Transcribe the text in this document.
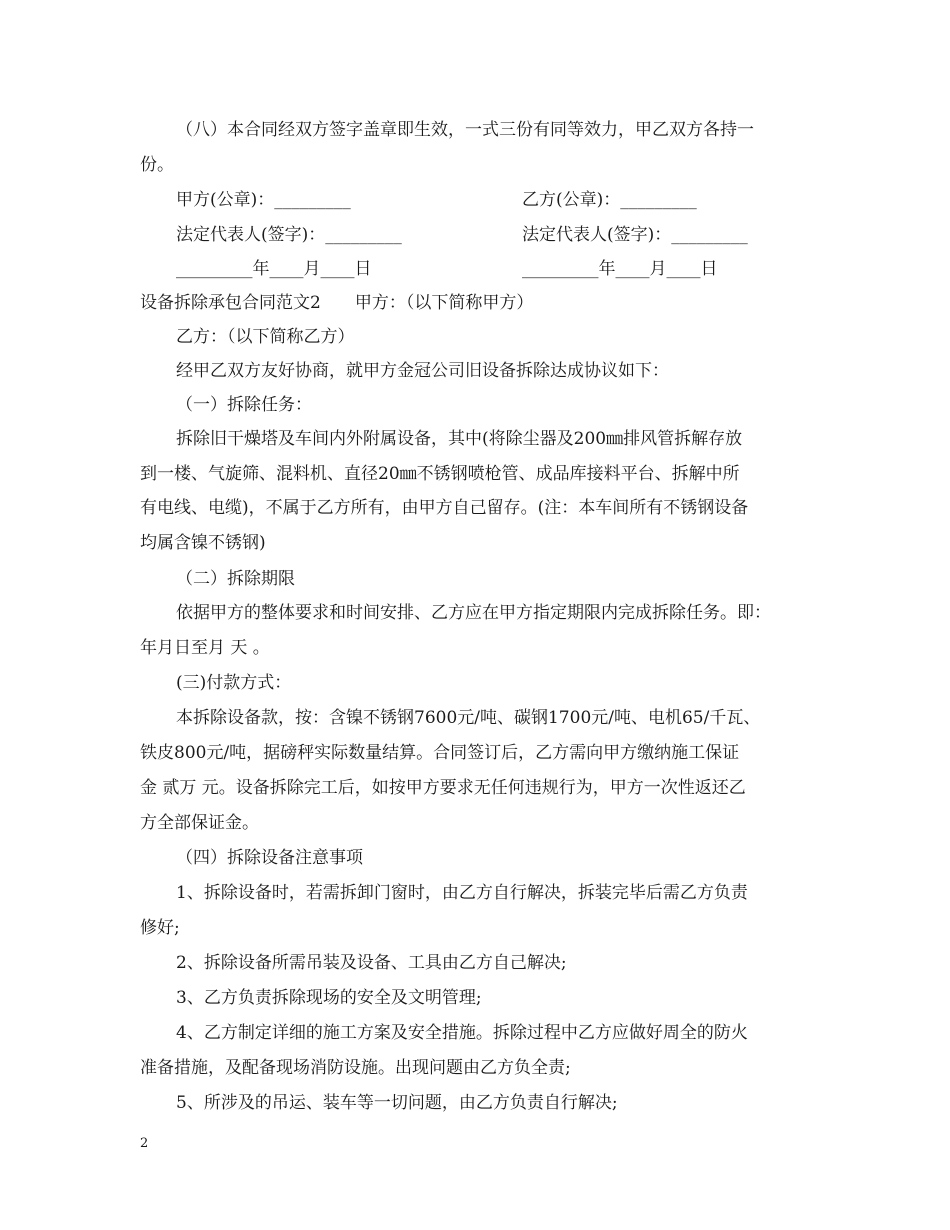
（八）本合同经双方签字盖章即生效，一式三份有同等效力，甲乙双方各持一
份。
甲方(公章)：_________	乙方(公章)：_________
法定代表人(签字)：_________	法定代表人(签字)：_________
_________年____月____日	_________年____月____日
设备拆除承包合同范文2　　甲方：（以下简称甲方）
乙方：（以下简称乙方）
经甲乙双方友好协商，就甲方金冠公司旧设备拆除达成协议如下：
（一）拆除任务：
拆除旧干燥塔及车间内外附属设备，其中(将除尘器及200㎜排风管拆解存放
到一楼、气旋筛、混料机、直径20㎜不锈钢喷枪管、成品库接料平台、拆解中所
有电线、电缆)，不属于乙方所有，由甲方自己留存。(注：本车间所有不锈钢设备
均属含镍不锈钢)
（二）拆除期限
依据甲方的整体要求和时间安排、乙方应在甲方指定期限内完成拆除任务。即：
年月日至月 天 。
(三)付款方式：
本拆除设备款，按：含镍不锈钢7600元/吨、碳钢1700元/吨、电机65/千瓦、
铁皮800元/吨，据磅秤实际数量结算。合同签订后，乙方需向甲方缴纳施工保证
金 贰万 元。设备拆除完工后，如按甲方要求无任何违规行为，甲方一次性返还乙
方全部保证金。
（四）拆除设备注意事项
1、拆除设备时，若需拆卸门窗时，由乙方自行解决，拆装完毕后需乙方负责
修好;
2、拆除设备所需吊装及设备、工具由乙方自己解决;
3、乙方负责拆除现场的安全及文明管理;
4、乙方制定详细的施工方案及安全措施。拆除过程中乙方应做好周全的防火
准备措施，及配备现场消防设施。出现问题由乙方负全责;
5、所涉及的吊运、装车等一切问题，由乙方负责自行解决;
2
